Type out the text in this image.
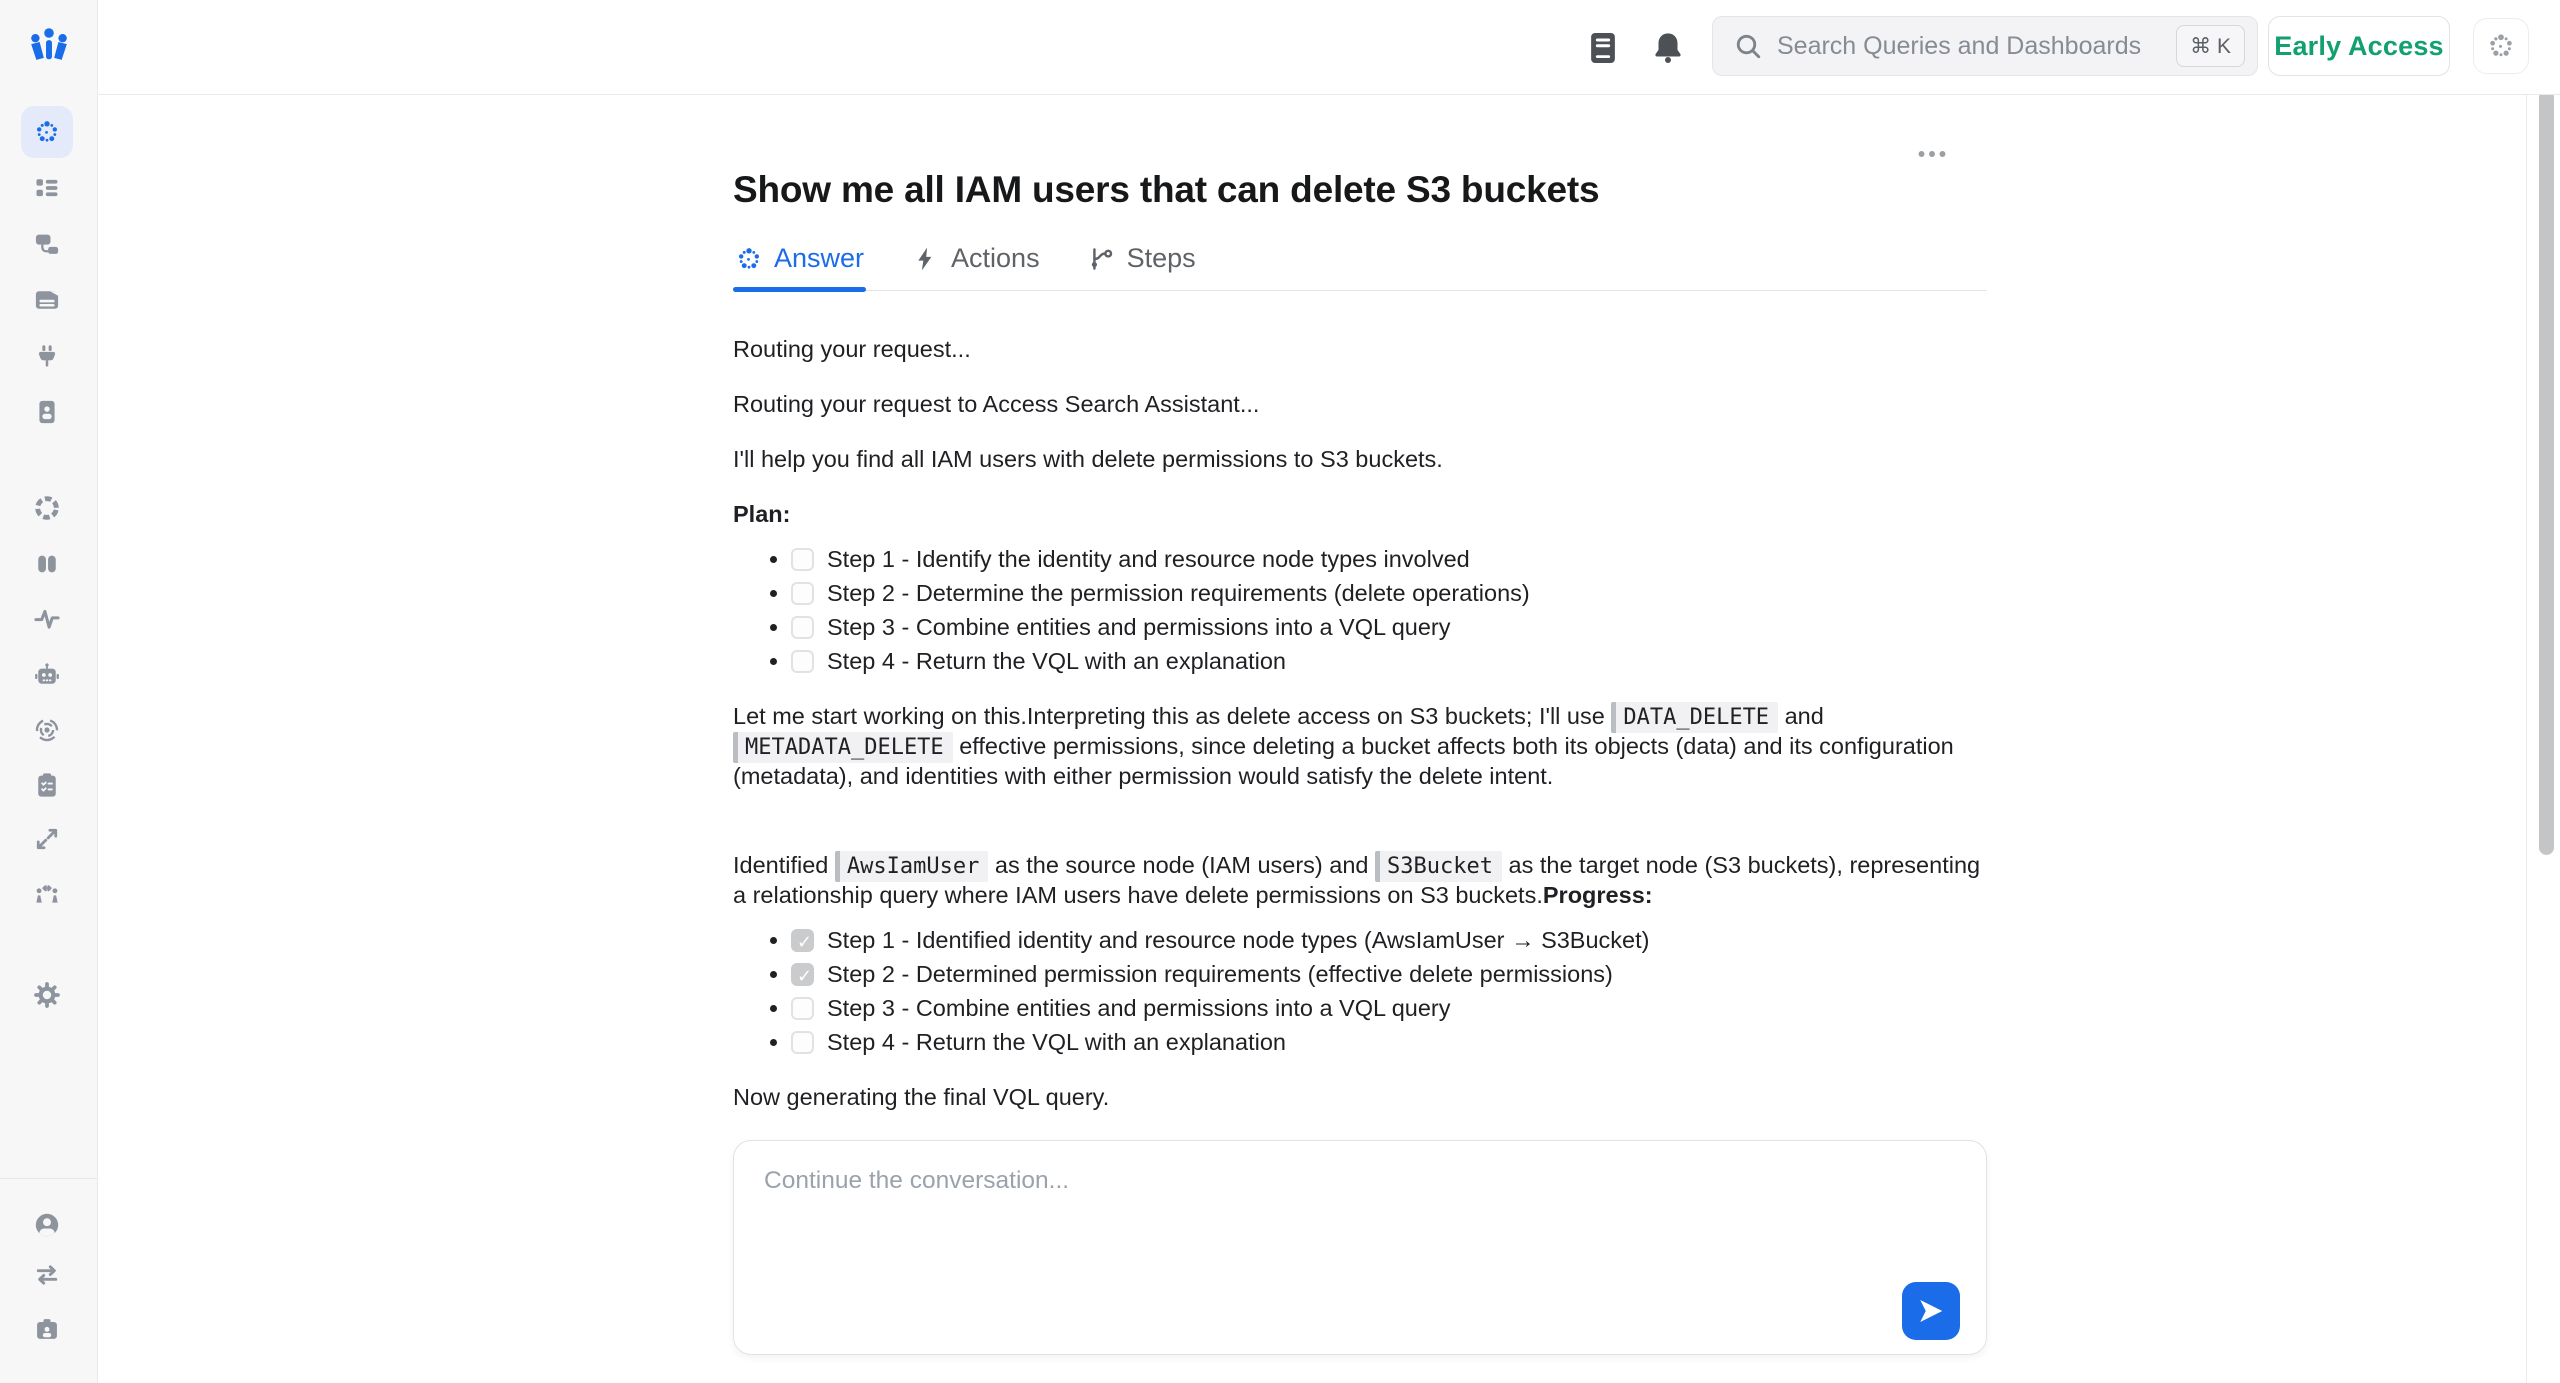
Search Queries and Dashboards	⌘ K	Early Access
Show me all IAM users that can delete S3 buckets
Answer	Actions	Steps

Routing your request...

Routing your request to Access Search Assistant...

I'll help you find all IAM users with delete permissions to S3 buckets.

Plan:

• Step 1 - Identify the identity and resource node types involved
• Step 2 - Determine the permission requirements (delete operations)
• Step 3 - Combine entities and permissions into a VQL query
• Step 4 - Return the VQL with an explanation

Let me start working on this.Interpreting this as delete access on S3 buckets; I'll use DATA_DELETE and METADATA_DELETE effective permissions, since deleting a bucket affects both its objects (data) and its configuration (metadata), and identities with either permission would satisfy the delete intent.

Identified AwsIamUser as the source node (IAM users) and S3Bucket as the target node (S3 buckets), representing a relationship query where IAM users have delete permissions on S3 buckets.Progress:

✓• Step 1 - Identified identity and resource node types (AwsIamUser → S3Bucket)
✓• Step 2 - Determined permission requirements (effective delete permissions)
• Step 3 - Combine entities and permissions into a VQL query
• Step 4 - Return the VQL with an explanation

Now generating the final VQL query.

Continue the conversation...
